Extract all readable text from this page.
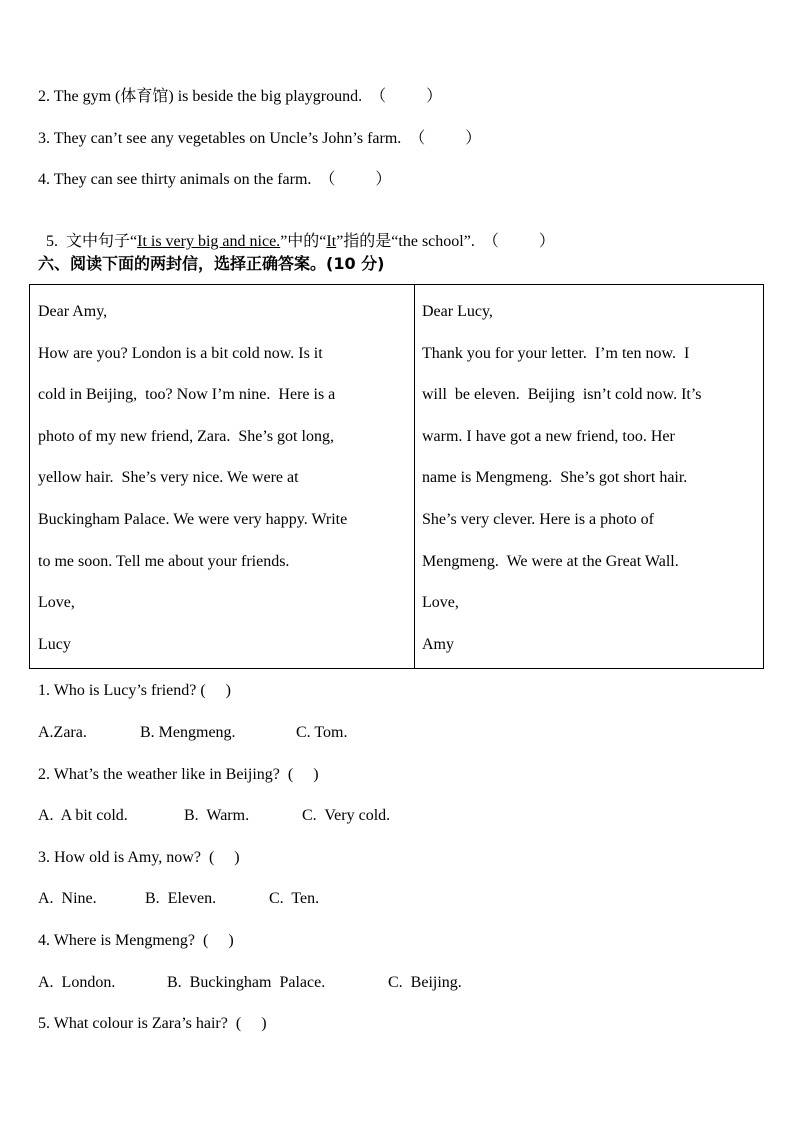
2. The gym (体育馆) is beside the big playground.  （          ）
3. They can’t see any vegetables on Uncle’s John’s farm.  （          ）
4. They can see thirty animals on the farm.  （          ）

5.  文中句子“It is very big and nice.”中的“It”指的是“the school”.  （          ）

六、阅读下面的两封信，选择正确答案。(10 分)
Dear Amy,
How are you? London is a bit cold now. Is it
cold in Beijing,  too? Now I’m nine.  Here is a
photo of my new friend, Zara.  She’s got long,
yellow hair.  She’s very nice. We were at
Buckingham Palace. We were very happy. Write
to me soon. Tell me about your friends.
Love,
Lucy
Dear Lucy,
Thank you for your letter.  I’m ten now.  I
will  be eleven.  Beijing  isn’t cold now. It’s
warm. I have got a new friend, too. Her
name is Mengmeng.  She’s got short hair.
She’s very clever. Here is a photo of
Mengmeng.  We were at the Great Wall.
Love,
Amy
1. Who is Lucy’s friend? (     )
A.Zara.	B. Mengmeng.	C. Tom.
2. What’s the weather like in Beijing?  (     )
A.  A bit cold.	B.  Warm.	C.  Very cold.
3. How old is Amy, now?  (     )
A.  Nine.	B.  Eleven.	C.  Ten.
4. Where is Mengmeng?  (     )
A.  London.	B.  Buckingham  Palace.	C.  Beijing.
5. What colour is Zara’s hair?  (     )
